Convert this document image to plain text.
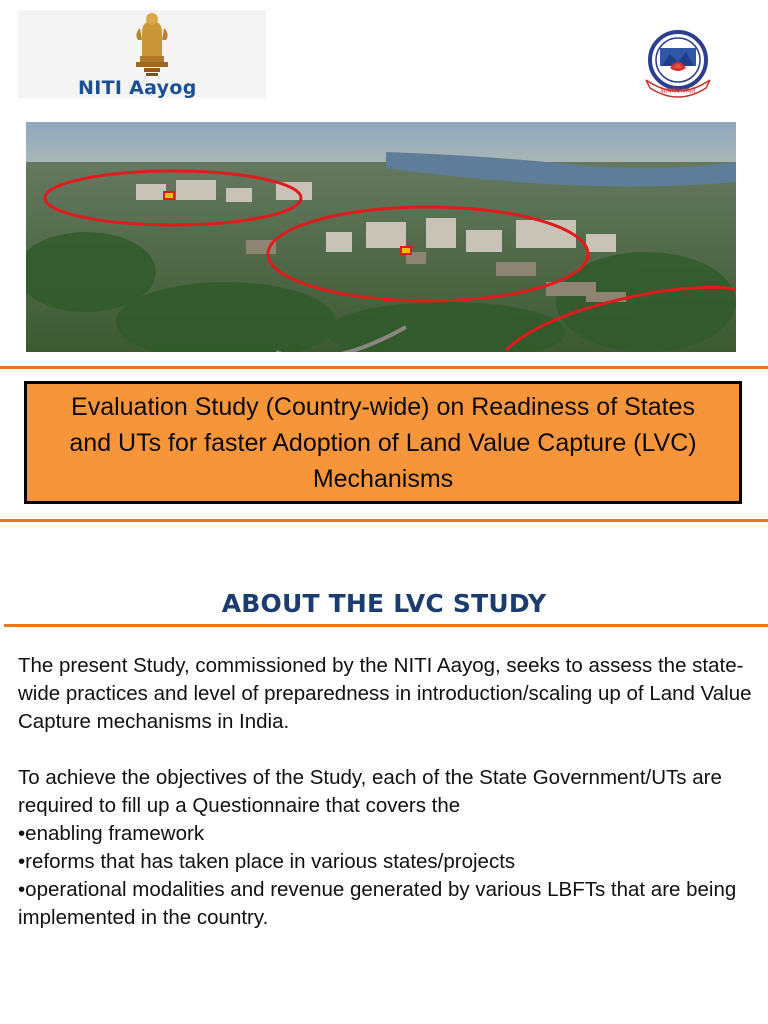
NITI Aayog	सत्यमेव जयते
Evaluation Study (Country-wide) on Readiness of States and UTs for faster Adoption of Land Value Capture (LVC) Mechanisms
ABOUT THE LVC STUDY

The present Study, commissioned by the NITI Aayog, seeks to assess the state-wide practices and level of preparedness in introduction/scaling up of Land Value Capture mechanisms in India.

To achieve the objectives of the Study, each of the State Government/UTs are required to fill up a Questionnaire that covers the

•enabling framework

•reforms that has taken place in various states/projects

•operational modalities and revenue generated by various LBFTs that are being implemented in the country.
